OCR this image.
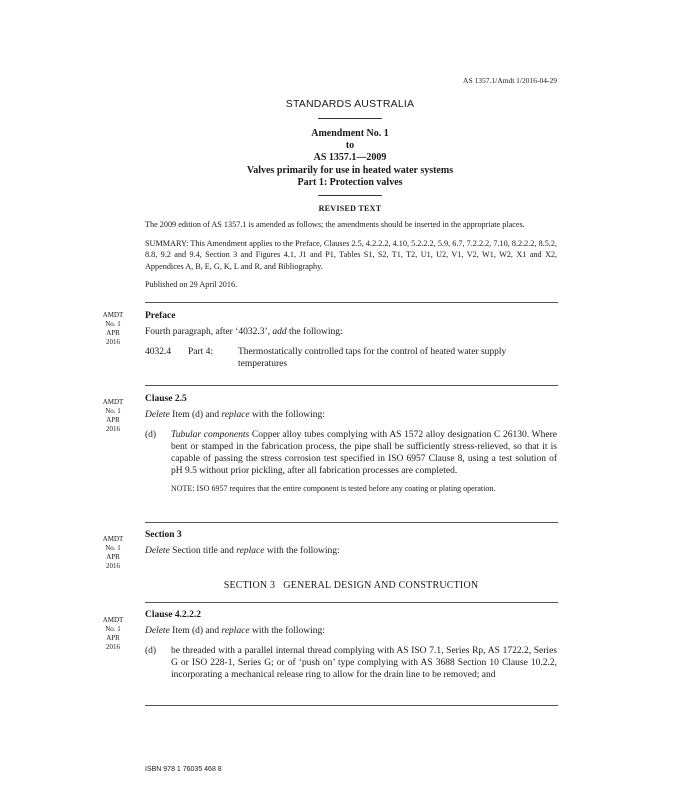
AS 1357.1/Amdt 1/2016-04-29
STANDARDS AUSTRALIA
Amendment No. 1
to
AS 1357.1—2009
Valves primarily for use in heated water systems
Part 1: Protection valves
REVISED TEXT

The 2009 edition of AS 1357.1 is amended as follows; the amendments should be inserted in the appropriate places.

SUMMARY: This Amendment applies to the Preface, Clauses 2.5, 4.2.2.2, 4.10, 5.2.2.2, 5.9, 6.7, 7.2.2.2, 7.10, 8.2.2.2, 8.5.2, 8.8, 9.2 and 9.4, Section 3 and Figures 4.1, J1 and P1, Tables S1, S2, T1, T2, U1, U2, V1, V2, W1, W2, X1 and X2, Appendices A, B, E, G, K, L and R, and Bibliography.

Published on 29 April 2016.

AMDT
No. 1
APR
2016
Preface
Fourth paragraph, after ‘4032.3’, add the following:
4032.4	Part 4:	Thermostatically controlled taps for the control of heated water supply temperatures
AMDT
No. 1
APR
2016
Clause 2.5
Delete Item (d) and replace with the following:
(d)	Tubular components Copper alloy tubes complying with AS 1572 alloy designation C 26130. Where bent or stamped in the fabrication process, the pipe shall be sufficiently stress-relieved, so that it is capable of passing the stress corrosion test specified in ISO 6957 Clause 8, using a test solution of pH 9.5 without prior pickling, after all fabrication processes are completed.
NOTE: ISO 6957 requires that the entire component is tested before any coating or plating operation.
AMDT
No. 1
APR
2016
Section 3
Delete Section title and replace with the following:
SECTION 3   GENERAL DESIGN AND CONSTRUCTION
AMDT
No. 1
APR
2016
Clause 4.2.2.2
Delete Item (d) and replace with the following:
(d)	be threaded with a parallel internal thread complying with AS ISO 7.1, Series Rp, AS 1722.2, Series G or ISO 228-1, Series G; or of ‘push on’ type complying with AS 3688 Section 10 Clause 10.2.2, incorporating a mechanical release ring to allow for the drain line to be removed; and
ISBN 978 1 76035 468 8
